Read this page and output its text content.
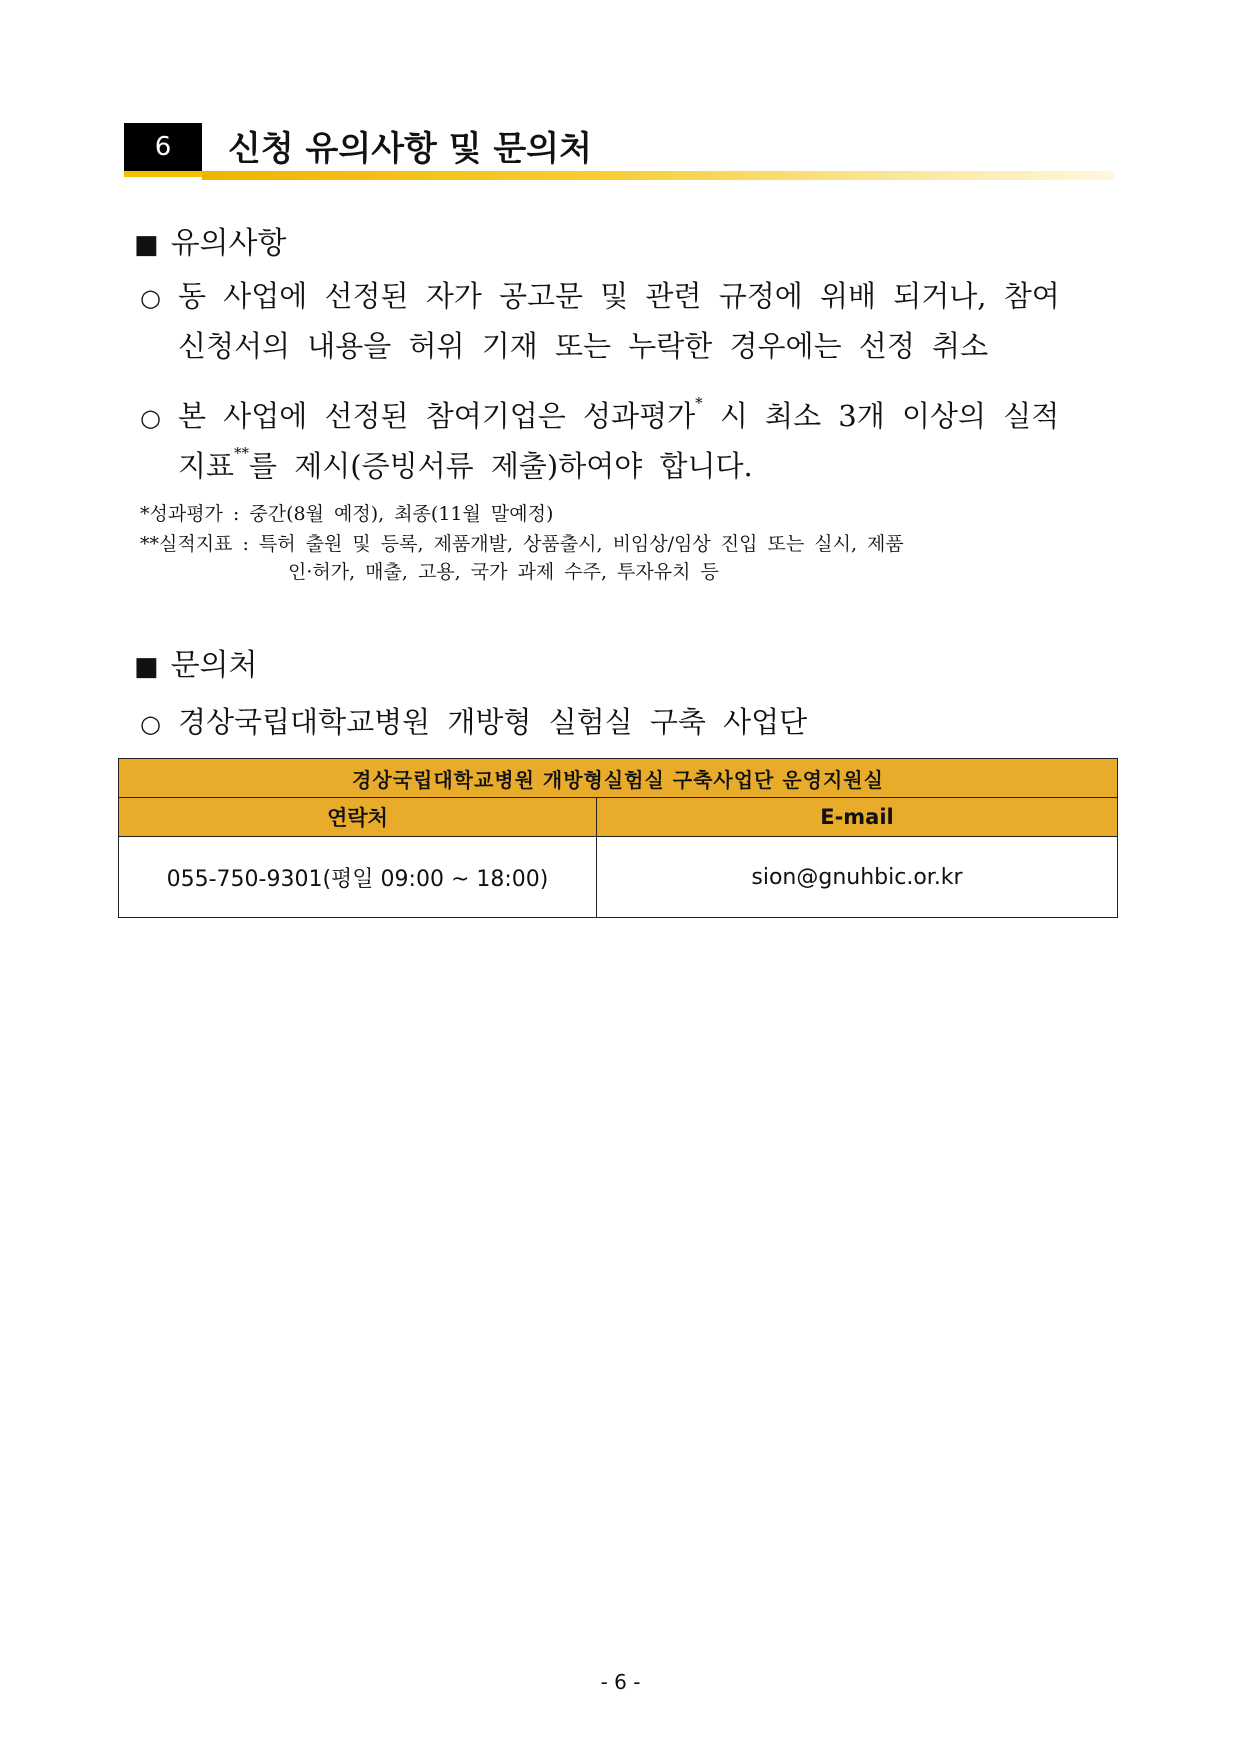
6	신청 유의사항 및 문의처
■ 유의사항
○ 동 사업에 선정된 자가 공고문 및 관련 규정에 위배 되거나, 참여
신청서의 내용을 허위 기재 또는 누락한 경우에는 선정 취소
○ 본 사업에 선정된 참여기업은 성과평가* 시 최소 3개 이상의 실적
지표**를 제시(증빙서류 제출)하여야 합니다.
*성과평가 : 중간(8월 예정), 최종(11월 말예정)
**실적지표 : 특허 출원 및 등록, 제품개발, 상품출시, 비임상/임상 진입 또는 실시, 제품
인·허가, 매출, 고용, 국가 과제 수주, 투자유치 등
■ 문의처
○ 경상국립대학교병원 개방형 실험실 구축 사업단
경상국립대학교병원 개방형실험실 구축사업단 운영지원실	
연락처	E-mail
055-750-9301(평일 09:00 ~ 18:00)	sion@gnuhbic.or.kr
- 6 -
